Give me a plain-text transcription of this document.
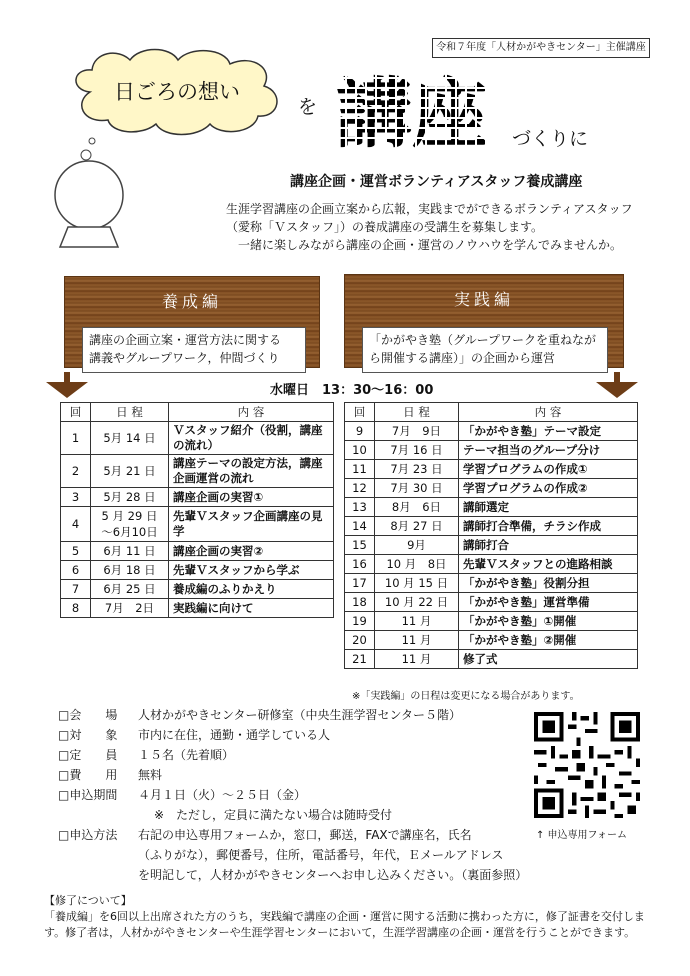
令和７年度「人材かがやきセンター」主催講座
日ごろの想い
を 講座 づくりに
講座企画・運営ボランティアスタッフ養成講座

生涯学習講座の企画立案から広報，実践までができるボランティアスタッフ

（愛称「Ｖスタッフ」）の養成講座の受講生を募集します。

一緒に楽しみながら講座の企画・運営のノウハウを学んでみませんか。

養成編
講座の企画立案・運営方法に関する
講義やグループワーク，仲間づくり
実践編
「かがやき塾（グループワークを重ねなが
ら開催する講座）」の企画から運営
水曜日　13：30～16：00
回	日 程	内 容
1	5月 14 日	Ｖスタッフ紹介（役割，講座の流れ）
2	5月 21 日	講座テーマの設定方法，講座企画運営の流れ
3	5月 28 日	講座企画の実習①
4	5 月 29 日
～6月10日	先輩Ｖスタッフ企画講座の見学
5	6月 11 日	講座企画の実習②
6	6月 18 日	先輩Ｖスタッフから学ぶ
7	6月 25 日	養成編のふりかえり
8	7月　2日	実践編に向けて
回	日 程	内 容
9	7月　9日	「かがやき塾」テーマ設定
10	7月 16 日	テーマ担当のグループ分け
11	7月 23 日	学習プログラムの作成①
12	7月 30 日	学習プログラムの作成②
13	8月　6日	講師選定
14	8月 27 日	講師打合準備，チラシ作成
15	9月	講師打合
16	10 月　8日	先輩Ｖスタッフとの進路相談
17	10 月 15 日	「かがやき塾」役割分担
18	10 月 22 日	「かがやき塾」運営準備
19	11 月	「かがやき塾」①開催
20	11 月	「かがやき塾」②開催
21	11 月	修了式
※「実践編」の日程は変更になる場合があります。
□会　　場	人材かがやきセンター研修室（中央生涯学習センター５階）
□対　　象	市内に在住，通勤・通学している人
□定　　員	１５名（先着順）
□費　　用	無料
□申込期間	４月１日（火）～２５日（金）
※　ただし，定員に満たない場合は随時受付
□申込方法	右記の申込専用フォームか，窓口，郵送，FAXで講座名，氏名
（ふりがな），郵便番号，住所，電話番号，年代，Ｅメールアドレス
を明記して，人材かがやきセンターへお申し込みください。（裏面参照）
↑ 申込専用フォーム

【修了について】

「養成編」を6回以上出席された方のうち，実践編で講座の企画・運営に関する活動に携わった方に，修了証書を交付しま

す。修了者は，人材かがやきセンターや生涯学習センターにおいて，生涯学習講座の企画・運営を行うことができます。
